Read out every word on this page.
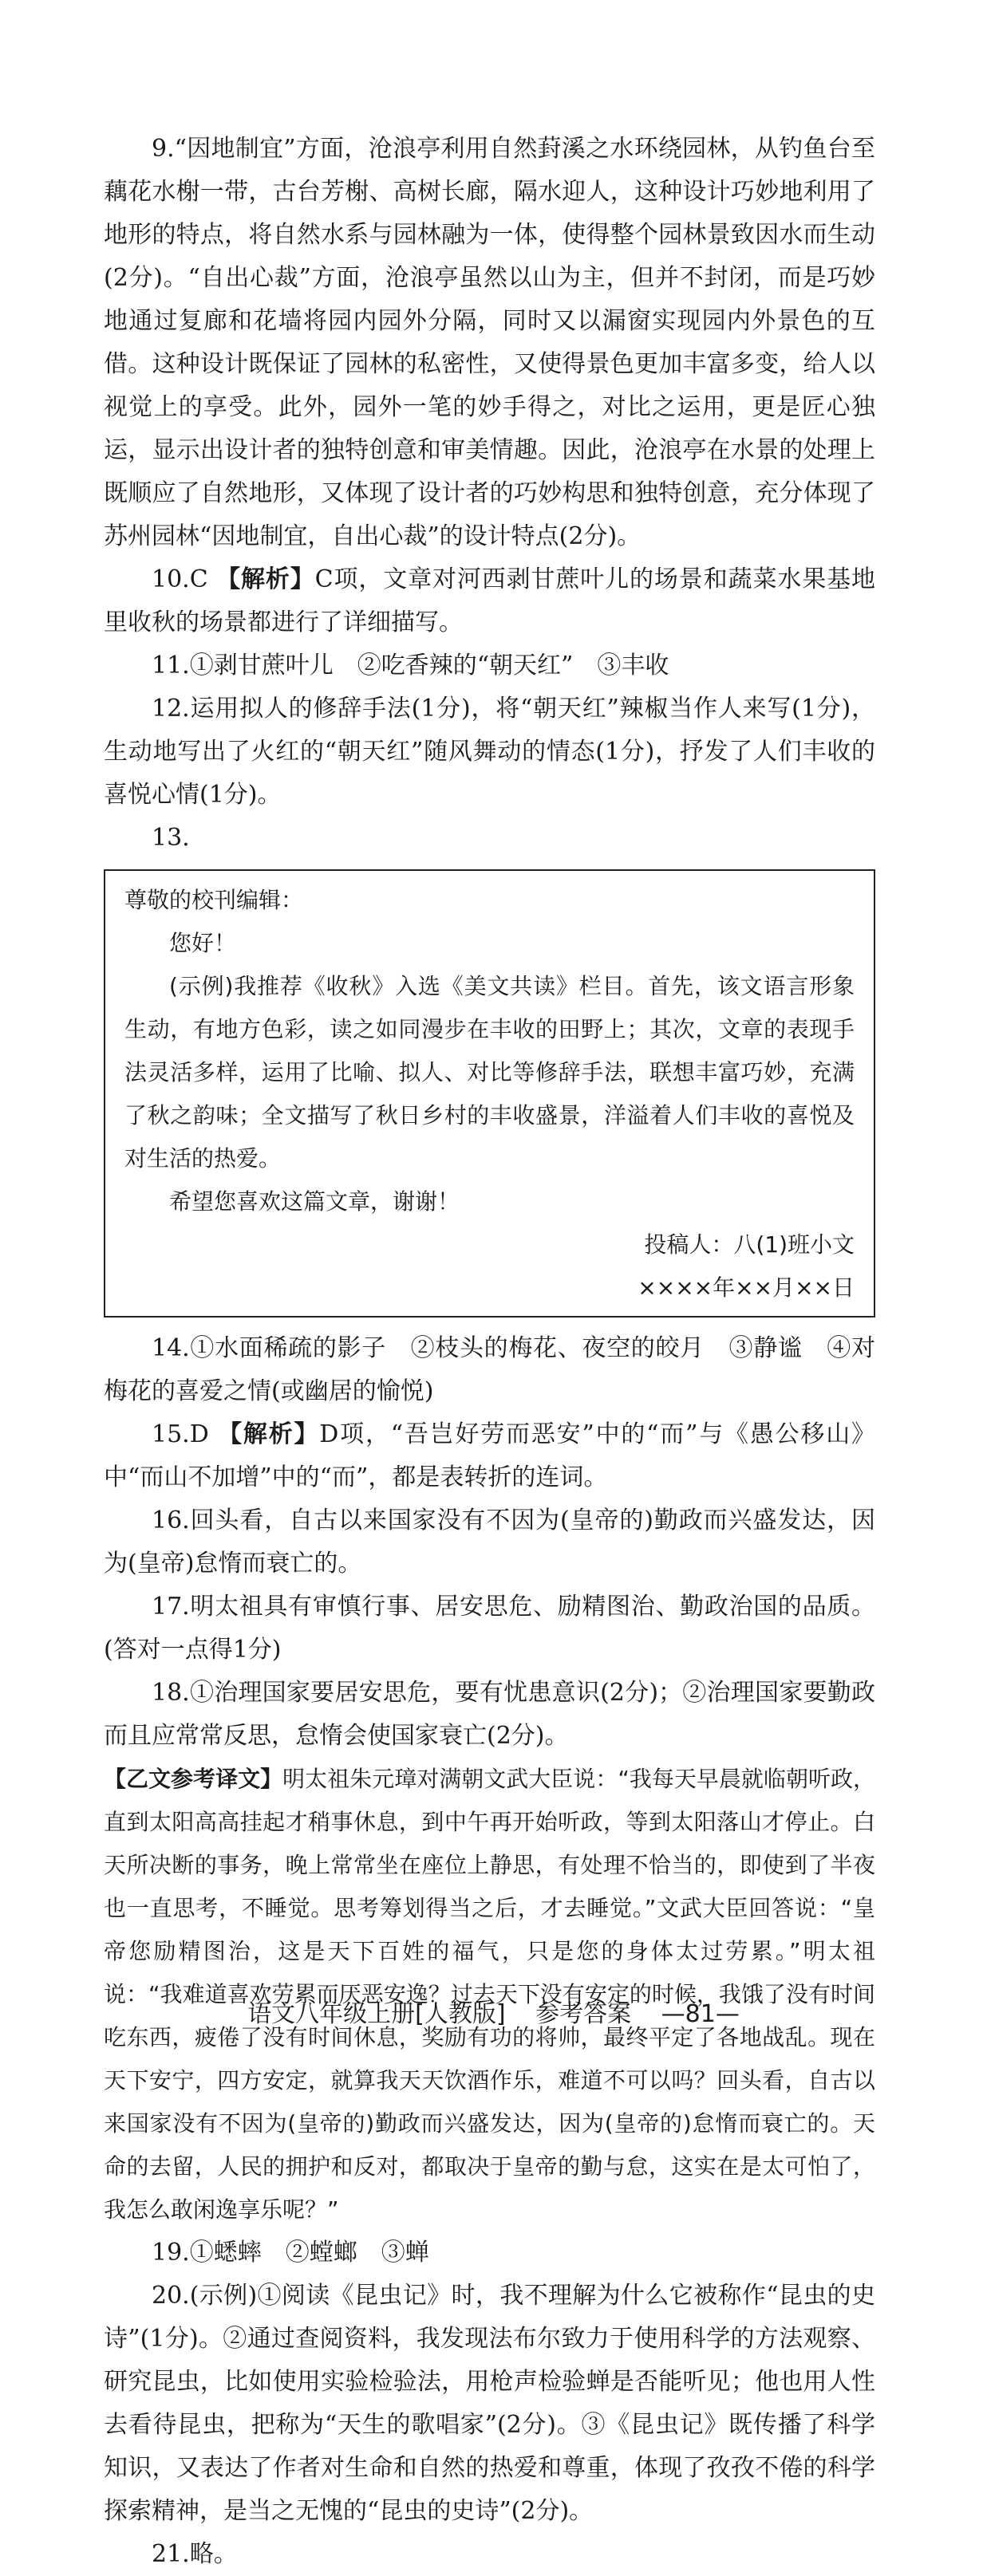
9.“因地制宜”方面，沧浪亭利用自然葑溪之水环绕园林，从钓鱼台至藕花水榭一带，古台芳榭、高树长廊，隔水迎人，这种设计巧妙地利用了地形的特点，将自然水系与园林融为一体，使得整个园林景致因水而生动(2分)。“自出心裁”方面，沧浪亭虽然以山为主，但并不封闭，而是巧妙地通过复廊和花墙将园内园外分隔，同时又以漏窗实现园内外景色的互借。这种设计既保证了园林的私密性，又使得景色更加丰富多变，给人以视觉上的享受。此外，园外一笔的妙手得之，对比之运用，更是匠心独运，显示出设计者的独特创意和审美情趣。因此，沧浪亭在水景的处理上既顺应了自然地形，又体现了设计者的巧妙构思和独特创意，充分体现了苏州园林“因地制宜，自出心裁”的设计特点(2分)。

10.C 【解析】C项，文章对河西剥甘蔗叶儿的场景和蔬菜水果基地里收秋的场景都进行了详细描写。

11.①剥甘蔗叶儿　②吃香辣的“朝天红”　③丰收

12.运用拟人的修辞手法(1分)，将“朝天红”辣椒当作人来写(1分)，生动地写出了火红的“朝天红”随风舞动的情态(1分)，抒发了人们丰收的喜悦心情(1分)。

13.

尊敬的校刊编辑：

您好！

(示例)我推荐《收秋》入选《美文共读》栏目。首先，该文语言形象生动，有地方色彩，读之如同漫步在丰收的田野上；其次，文章的表现手法灵活多样，运用了比喻、拟人、对比等修辞手法，联想丰富巧妙，充满了秋之韵味；全文描写了秋日乡村的丰收盛景，洋溢着人们丰收的喜悦及对生活的热爱。

希望您喜欢这篇文章，谢谢！

投稿人：八(1)班小文

××××年××月××日

14.①水面稀疏的影子　②枝头的梅花、夜空的皎月　③静谧　④对梅花的喜爱之情(或幽居的愉悦)

15.D 【解析】D项，“吾岂好劳而恶安”中的“而”与《愚公移山》中“而山不加增”中的“而”，都是表转折的连词。

16.回头看，自古以来国家没有不因为(皇帝的)勤政而兴盛发达，因为(皇帝)怠惰而衰亡的。

17.明太祖具有审慎行事、居安思危、励精图治、勤政治国的品质。(答对一点得1分)

18.①治理国家要居安思危，要有忧患意识(2分)；②治理国家要勤政而且应常常反思，怠惰会使国家衰亡(2分)。

【乙文参考译文】明太祖朱元璋对满朝文武大臣说：“我每天早晨就临朝听政，直到太阳高高挂起才稍事休息，到中午再开始听政，等到太阳落山才停止。白天所决断的事务，晚上常常坐在座位上静思，有处理不恰当的，即使到了半夜也一直思考，不睡觉。思考筹划得当之后，才去睡觉。”文武大臣回答说：“皇帝您励精图治，这是天下百姓的福气，只是您的身体太过劳累。”明太祖说：“我难道喜欢劳累而厌恶安逸？过去天下没有安定的时候，我饿了没有时间吃东西，疲倦了没有时间休息，奖励有功的将帅，最终平定了各地战乱。现在天下安宁，四方安定，就算我天天饮酒作乐，难道不可以吗？回头看，自古以来国家没有不因为(皇帝的)勤政而兴盛发达，因为(皇帝的)怠惰而衰亡的。天命的去留，人民的拥护和反对，都取决于皇帝的勤与怠，这实在是太可怕了，我怎么敢闲逸享乐呢？”

19.①蟋蟀　②螳螂　③蝉

20.(示例)①阅读《昆虫记》时，我不理解为什么它被称作“昆虫的史诗”(1分)。②通过查阅资料，我发现法布尔致力于使用科学的方法观察、研究昆虫，比如使用实验检验法，用枪声检验蝉是否能听见；他也用人性去看待昆虫，把称为“天生的歌唱家”(2分)。③《昆虫记》既传播了科学知识，又表达了作者对生命和自然的热爱和尊重，体现了孜孜不倦的科学探索精神，是当之无愧的“昆虫的史诗”(2分)。

21.略。

语文八年级上册[人教版] 参考答案 —81—
